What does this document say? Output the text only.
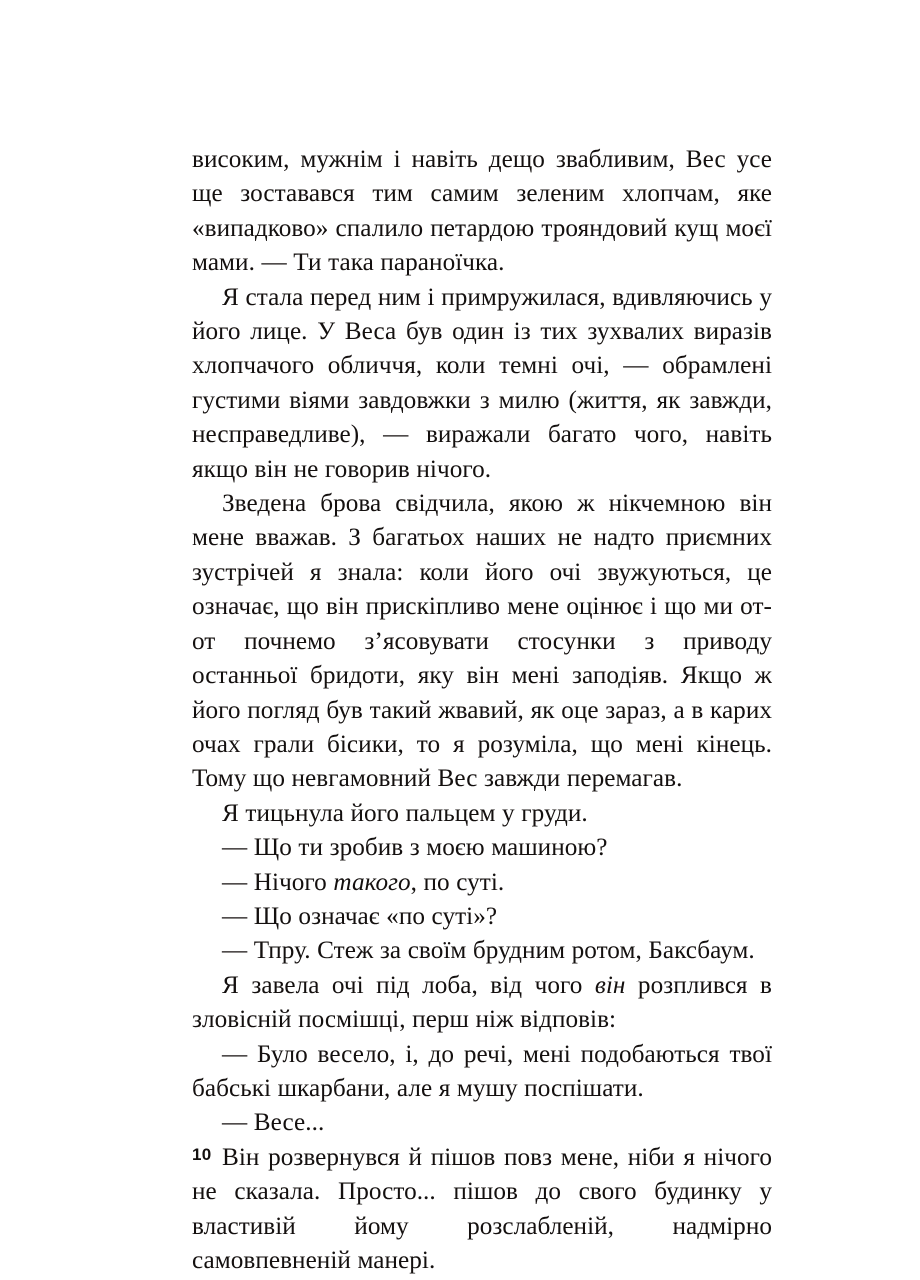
високим, мужнім і навіть дещо звабливим, Вес усе ще зоставався тим самим зеленим хлопчам, яке «випадково» спалило петардою трояндовий кущ моєї мами. — Ти така параноїчка.

Я стала перед ним і примружилася, вдивляючись у його лице. У Веса був один із тих зухвалих виразів хлопчачого обличчя, коли темні очі, — обрамлені густими віями завдовжки з милю (життя, як завжди, несправедливе), — виражали багато чого, навіть якщо він не говорив нічого.

Зведена брова свідчила, якою ж нікчемною він мене вважав. З багатьох наших не надто приємних зустрічей я знала: коли його очі звужуються, це означає, що він прискіпливо мене оцінює і що ми от-от почнемо з’ясовувати стосунки з приводу останньої бридоти, яку він мені заподіяв. Якщо ж його погляд був такий жвавий, як оце зараз, а в карих очах грали бісики, то я розуміла, що мені кінець. Тому що невгамовний Вес завжди перемагав.

Я тицьнула його пальцем у груди.

— Що ти зробив з моєю машиною?

— Нічого такого, по суті.

— Що означає «по суті»?

— Тпру. Стеж за своїм брудним ротом, Баксбаум.

Я завела очі під лоба, від чого він розплився в зловісній посмішці, перш ніж відповів:

— Було весело, і, до речі, мені подобаються твої бабські шкарбани, але я мушу поспішати.

— Весе...

Він розвернувся й пішов повз мене, ніби я нічого не сказала. Просто... пішов до свого будинку у властивій йому розслабленій, надмірно самовпевненій манері.

10
